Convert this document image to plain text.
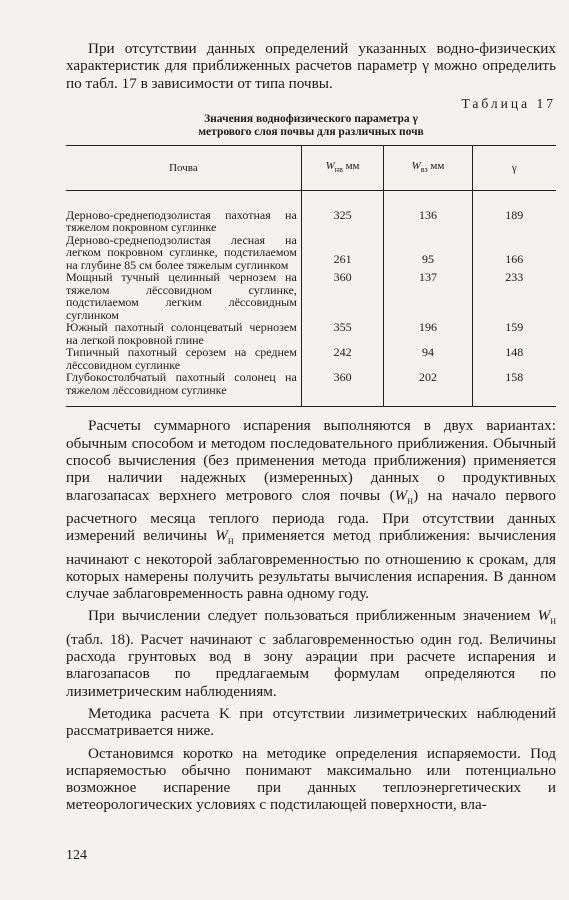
При отсутствии данных определений указанных водно-физических характеристик для приближенных расчетов параметр γ можно определить по табл. 17 в зависимости от типа почвы.

Таблица 17
Значения воднофизического параметра γ
метрового слоя почвы для различных почв
Почва	$W_{нв}$ мм	$W_{вз}$ мм	γ
Дерново-среднеподзолистая пахотная на тяжелом покровном суглинке	325	136	189
Дерново-среднеподзолистая лесная на легком покровном суглинке, подстилаемом на глубине 85 см более тяжелым суглинком	261	95	166
Мощный тучный целинный чернозем на тяжелом лёссовидном суглинке, подстилаемом легким лёссовидным суглинком	360	137	233
Южный пахотный солонцеватый чернозем на легкой покровной глине	355	196	159
Типичный пахотный серозем на среднем лёссовидном суглинке	242	94	148
Глубокостолбчатый пахотный солонец на тяжелом лёссовидном суглинке	360	202	158

Расчеты суммарного испарения выполняются в двух вариантах: обычным способом и методом последовательного приближения. Обычный способ вычисления (без применения метода приближения) применяется при наличии надежных (измеренных) данных о продуктивных влагозапасах верхнего метрового слоя почвы $(W_H)$ на начало первого расчетного месяца теплого периода года. При отсутствии данных измерений величины $W_H$ применяется метод приближения: вычисления начинают с некоторой заблаговременностью по отношению к срокам, для которых намерены получить результаты вычисления испарения. В данном случае заблаговременность равна одному году.

При вычислении следует пользоваться приближенным значением $W_H$ (табл. 18). Расчет начинают с заблаговременностью один год. Величины расхода грунтовых вод в зону аэрации при расчете испарения и влагозапасов по предлагаемым формулам определяются по лизиметрическим наблюдениям.

Методика расчета K при отсутствии лизиметрических наблюдений рассматривается ниже.

Остановимся коротко на методике определения испаряемости. Под испаряемостью обычно понимают максимально или потенциально возможное испарение при данных теплоэнергетических и метеорологических условиях с подстилающей поверхности, вла-

124
